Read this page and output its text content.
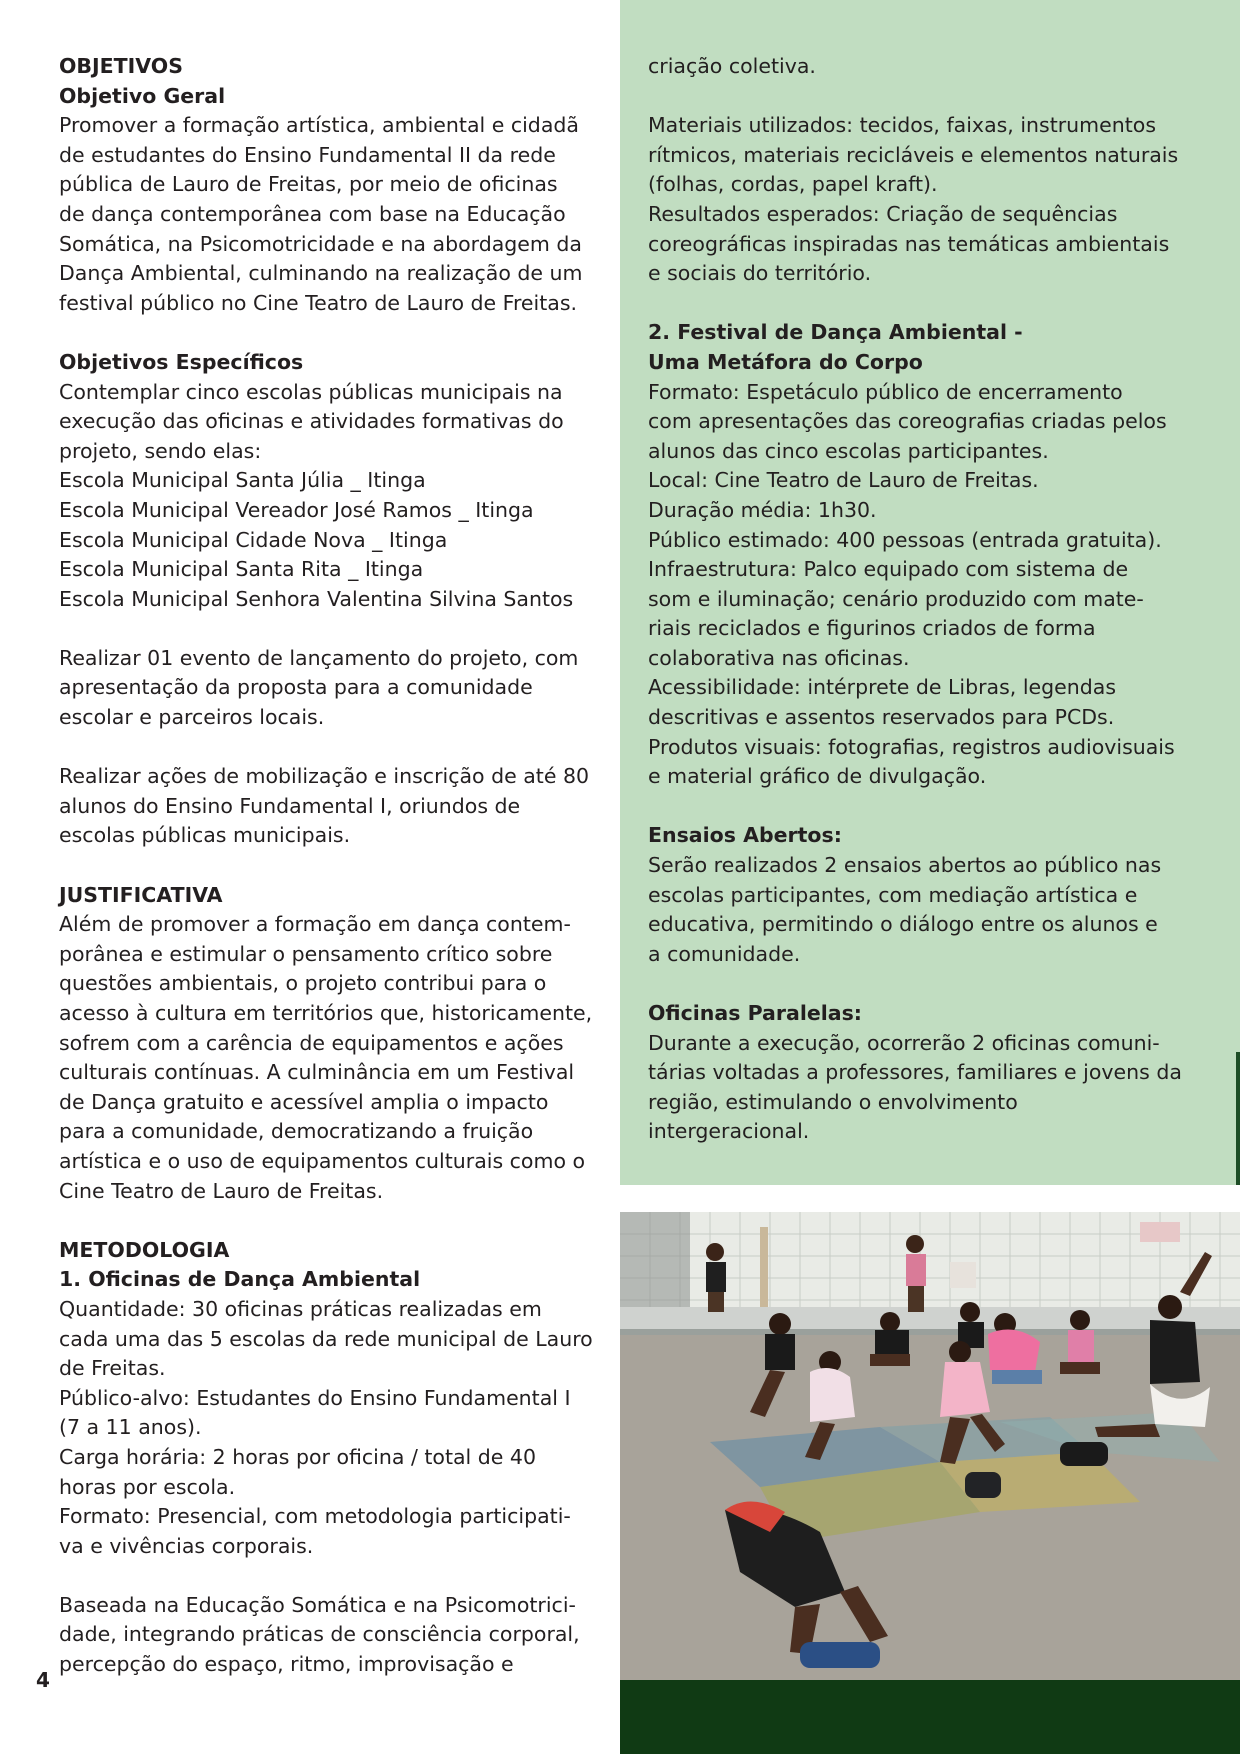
OBJETIVOS

Objetivo Geral

Promover a formação artística, ambiental e cidadã

de estudantes do Ensino Fundamental II da rede

pública de Lauro de Freitas, por meio de oficinas

de dança contemporânea com base na Educação

Somática, na Psicomotricidade e na abordagem da

Dança Ambiental, culminando na realização de um

festival público no Cine Teatro de Lauro de Freitas.

Objetivos Específicos

Contemplar cinco escolas públicas municipais na

execução das oficinas e atividades formativas do

projeto, sendo elas:

Escola Municipal Santa Júlia _ Itinga

Escola Municipal Vereador José Ramos _ Itinga

Escola Municipal Cidade Nova _ Itinga

Escola Municipal Santa Rita _ Itinga

Escola Municipal Senhora Valentina Silvina Santos

Realizar 01 evento de lançamento do projeto, com

apresentação da proposta para a comunidade

escolar e parceiros locais.

Realizar ações de mobilização e inscrição de até 80

alunos do Ensino Fundamental I, oriundos de

escolas públicas municipais.

JUSTIFICATIVA

Além de promover a formação em dança contem-

porânea e estimular o pensamento crítico sobre

questões ambientais, o projeto contribui para o

acesso à cultura em territórios que, historicamente,

sofrem com a carência de equipamentos e ações

culturais contínuas. A culminância em um Festival

de Dança gratuito e acessível amplia o impacto

para a comunidade, democratizando a fruição

artística e o uso de equipamentos culturais como o

Cine Teatro de Lauro de Freitas.

METODOLOGIA

1. Oficinas de Dança Ambiental

Quantidade: 30 oficinas práticas realizadas em

cada uma das 5 escolas da rede municipal de Lauro

de Freitas.

Público-alvo: Estudantes do Ensino Fundamental I

(7 a 11 anos).

Carga horária: 2 horas por oficina / total de 40

horas por escola.

Formato: Presencial, com metodologia participati-

va e vivências corporais.

Baseada na Educação Somática e na Psicomotrici-

dade, integrando práticas de consciência corporal,

percepção do espaço, ritmo, improvisação e

4

criação coletiva.

Materiais utilizados: tecidos, faixas, instrumentos

rítmicos, materiais recicláveis e elementos naturais

(folhas, cordas, papel kraft).

Resultados esperados: Criação de sequências

coreográficas inspiradas nas temáticas ambientais

e sociais do território.

2. Festival de Dança Ambiental -

Uma Metáfora do Corpo

Formato: Espetáculo público de encerramento

com apresentações das coreografias criadas pelos

alunos das cinco escolas participantes.

Local: Cine Teatro de Lauro de Freitas.

Duração média: 1h30.

Público estimado: 400 pessoas (entrada gratuita).

Infraestrutura: Palco equipado com sistema de

som e iluminação; cenário produzido com mate-

riais reciclados e figurinos criados de forma

colaborativa nas oficinas.

Acessibilidade: intérprete de Libras, legendas

descritivas e assentos reservados para PCDs.

Produtos visuais: fotografias, registros audiovisuais

e material gráfico de divulgação.

Ensaios Abertos:

Serão realizados 2 ensaios abertos ao público nas

escolas participantes, com mediação artística e

educativa, permitindo o diálogo entre os alunos e

a comunidade.

Oficinas Paralelas:

Durante a execução, ocorrerão 2 oficinas comuni-

tárias voltadas a professores, familiares e jovens da

região, estimulando o envolvimento

intergeracional.
